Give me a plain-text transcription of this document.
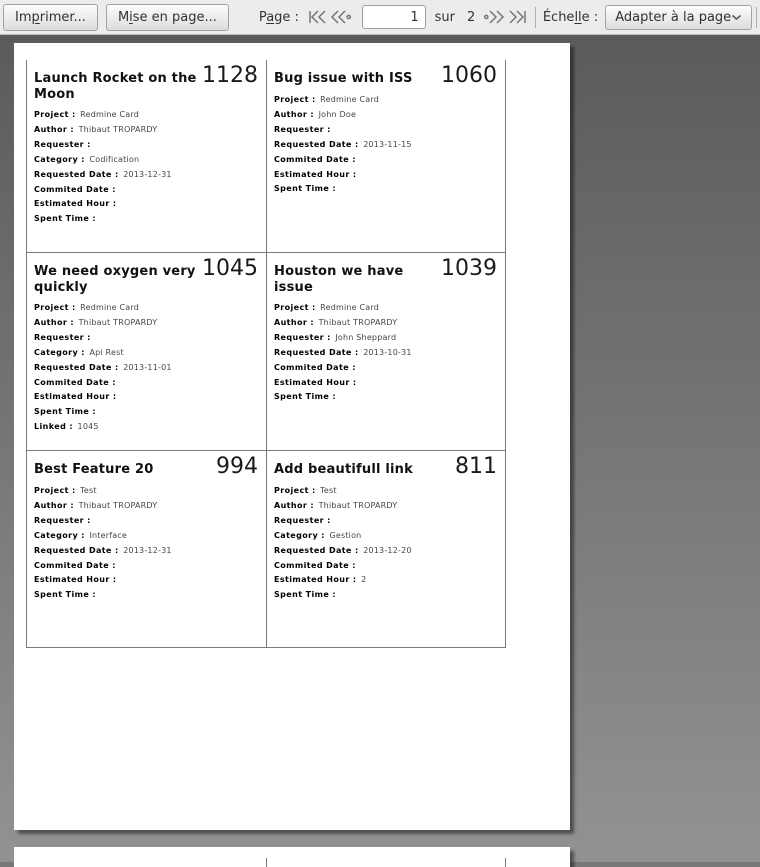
Imprimer...	Mise en page...	Page :
1	sur 2	Échelle : Adapter à la page
Launch Rocket on the Moon
1128
Project : Redmine Card
Author : Thibaut TROPARDY
Requester :
Category : Codification
Requested Date : 2013-12-31
Commited Date :
Estimated Hour :
Spent Time :
Bug issue with ISS	1060
Project : Redmine Card
Author : John Doe
Requester :
Requested Date : 2013-11-15
Commited Date :
Estimated Hour :
Spent Time :
We need oxygen very quickly
1045
Project : Redmine Card
Author : Thibaut TROPARDY
Requester :
Category : Api Rest
Requested Date : 2013-11-01
Commited Date :
Estimated Hour :
Spent Time :
Linked : 1045
Houston we have issue
1039
Project : Redmine Card
Author : Thibaut TROPARDY
Requester : John Sheppard
Requested Date : 2013-10-31
Commited Date :
Estimated Hour :
Spent Time :
Best Feature 20	994
Project : Test
Author : Thibaut TROPARDY
Requester :
Category : Interface
Requested Date : 2013-12-31
Commited Date :
Estimated Hour :
Spent Time :
Add beautifull link	811
Project : Test
Author : Thibaut TROPARDY
Requester :
Category : Gestion
Requested Date : 2013-12-20
Commited Date :
Estimated Hour : 2
Spent Time :
